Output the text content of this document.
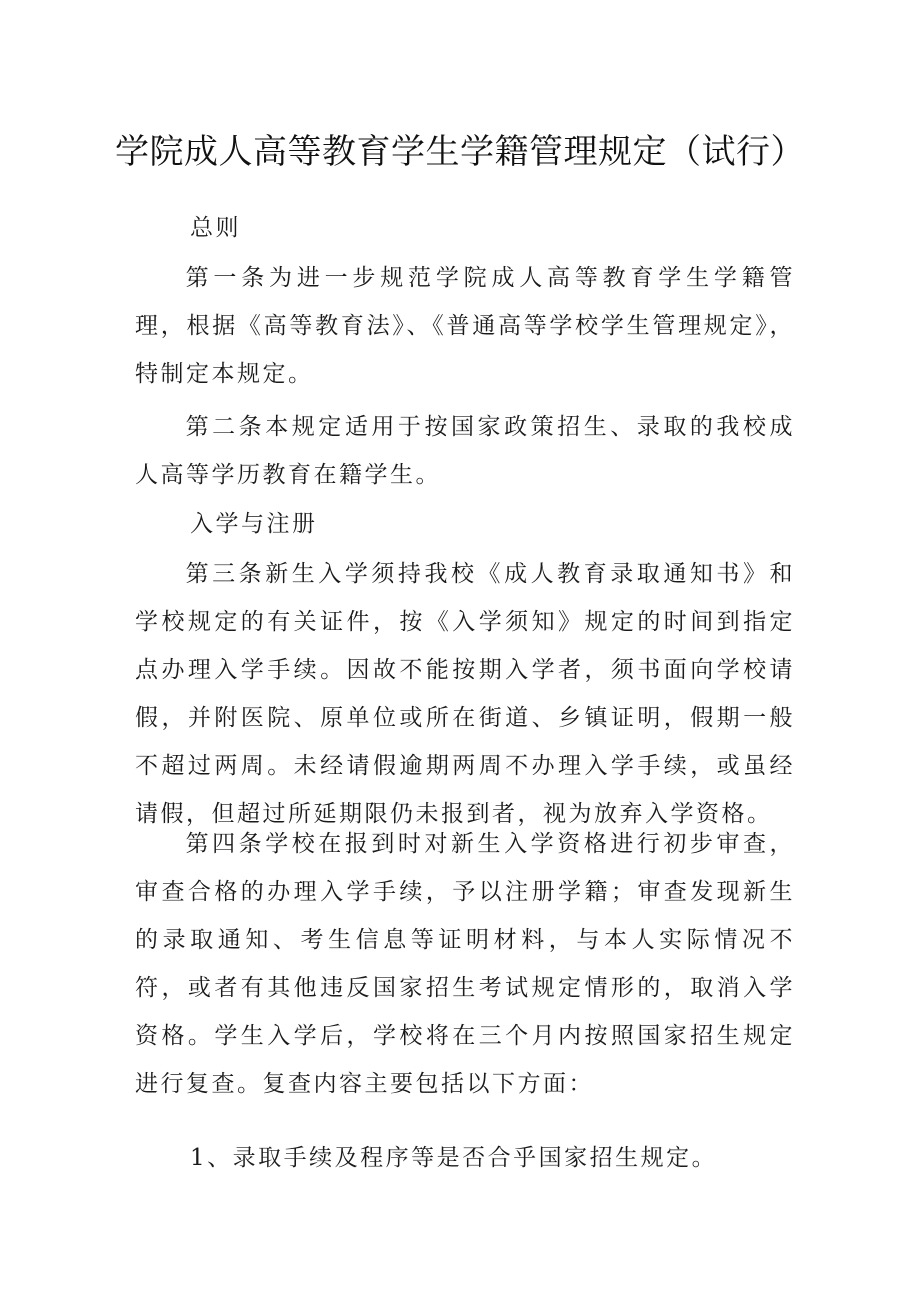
学院成人高等教育学生学籍管理规定（试行）

总则

第一条为进一步规范学院成人高等教育学生学籍管理，根据《高等教育法》、《普通高等学校学生管理规定》，特制定本规定。

第二条本规定适用于按国家政策招生、录取的我校成人高等学历教育在籍学生。

入学与注册

第三条新生入学须持我校《成人教育录取通知书》和学校规定的有关证件，按《入学须知》规定的时间到指定点办理入学手续。因故不能按期入学者，须书面向学校请假，并附医院、原单位或所在街道、乡镇证明，假期一般不超过两周。未经请假逾期两周不办理入学手续，或虽经请假，但超过所延期限仍未报到者，视为放弃入学资格。

第四条学校在报到时对新生入学资格进行初步审查，审查合格的办理入学手续，予以注册学籍；审查发现新生的录取通知、考生信息等证明材料，与本人实际情况不符，或者有其他违反国家招生考试规定情形的，取消入学资格。学生入学后，学校将在三个月内按照国家招生规定进行复查。复查内容主要包括以下方面：

1、录取手续及程序等是否合乎国家招生规定。
